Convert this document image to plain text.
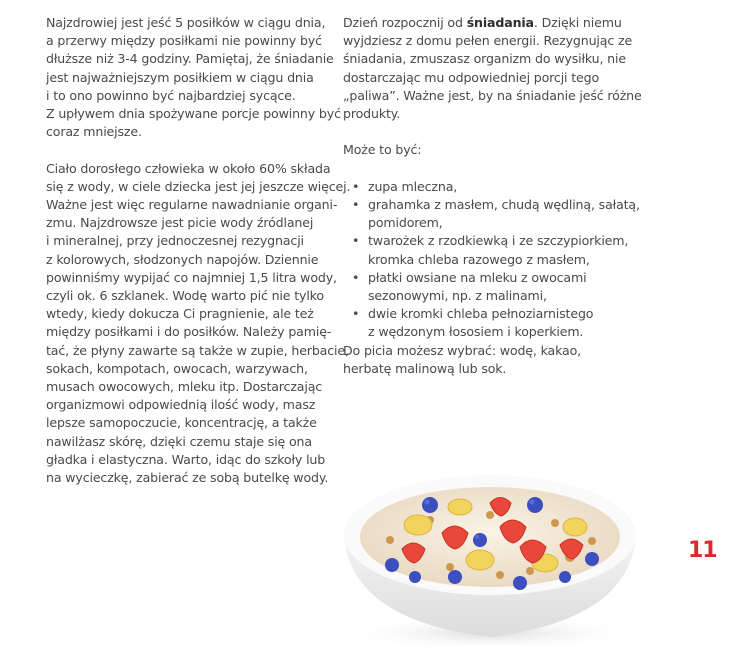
Najzdrowiej jest jeść 5 posiłków w ciągu dnia,
a przerwy między posiłkami nie powinny być
dłuższe niż 3-4 godziny. Pamiętaj, że śniadanie
jest najważniejszym posiłkiem w ciągu dnia
i to ono powinno być najbardziej sycące.
Z upływem dnia spożywane porcje powinny być
coraz mniejsze.
Ciało dorosłego człowieka w około 60% składa
się z wody, w ciele dziecka jest jej jeszcze więcej.
Ważne jest więc regularne nawadnianie organi-
zmu. Najzdrowsze jest picie wody źródlanej
i mineralnej, przy jednoczesnej rezygnacji
z kolorowych, słodzonych napojów. Dziennie
powinniśmy wypijać co najmniej 1,5 litra wody,
czyli ok. 6 szklanek. Wodę warto pić nie tylko
wtedy, kiedy dokucza Ci pragnienie, ale też
między posiłkami i do posiłków. Należy pamię-
tać, że płyny zawarte są także w zupie, herbacie,
sokach, kompotach, owocach, warzywach,
musach owocowych, mleku itp. Dostarczając
organizmowi odpowiednią ilość wody, masz
lepsze samopoczucie, koncentrację, a także
nawilżasz skórę, dzięki czemu staje się ona
gładka i elastyczna. Warto, idąc do szkoły lub
na wycieczkę, zabierać ze sobą butelkę wody.
Dzień rozpocznij od śniadania. Dzięki niemu
wyjdziesz z domu pełen energii. Rezygnując ze
śniadania, zmuszasz organizm do wysiłku, nie
dostarczając mu odpowiedniej porcji tego
„paliwa”. Ważne jest, by na śniadanie jeść różne
produkty.
Może to być:
• zupa mleczna,
• grahamka z masłem, chudą wędliną, sałatą,
pomidorem,
• twarożek z rzodkiewką i ze szczypiorkiem,
kromka chleba razowego z masłem,
• płatki owsiane na mleku z owocami
sezonowymi, np. z malinami,
• dwie kromki chleba pełnoziarnistego
z wędzonym łososiem i koperkiem.
Do picia możesz wybrać: wodę, kakao,
herbatę malinową lub sok.
11
